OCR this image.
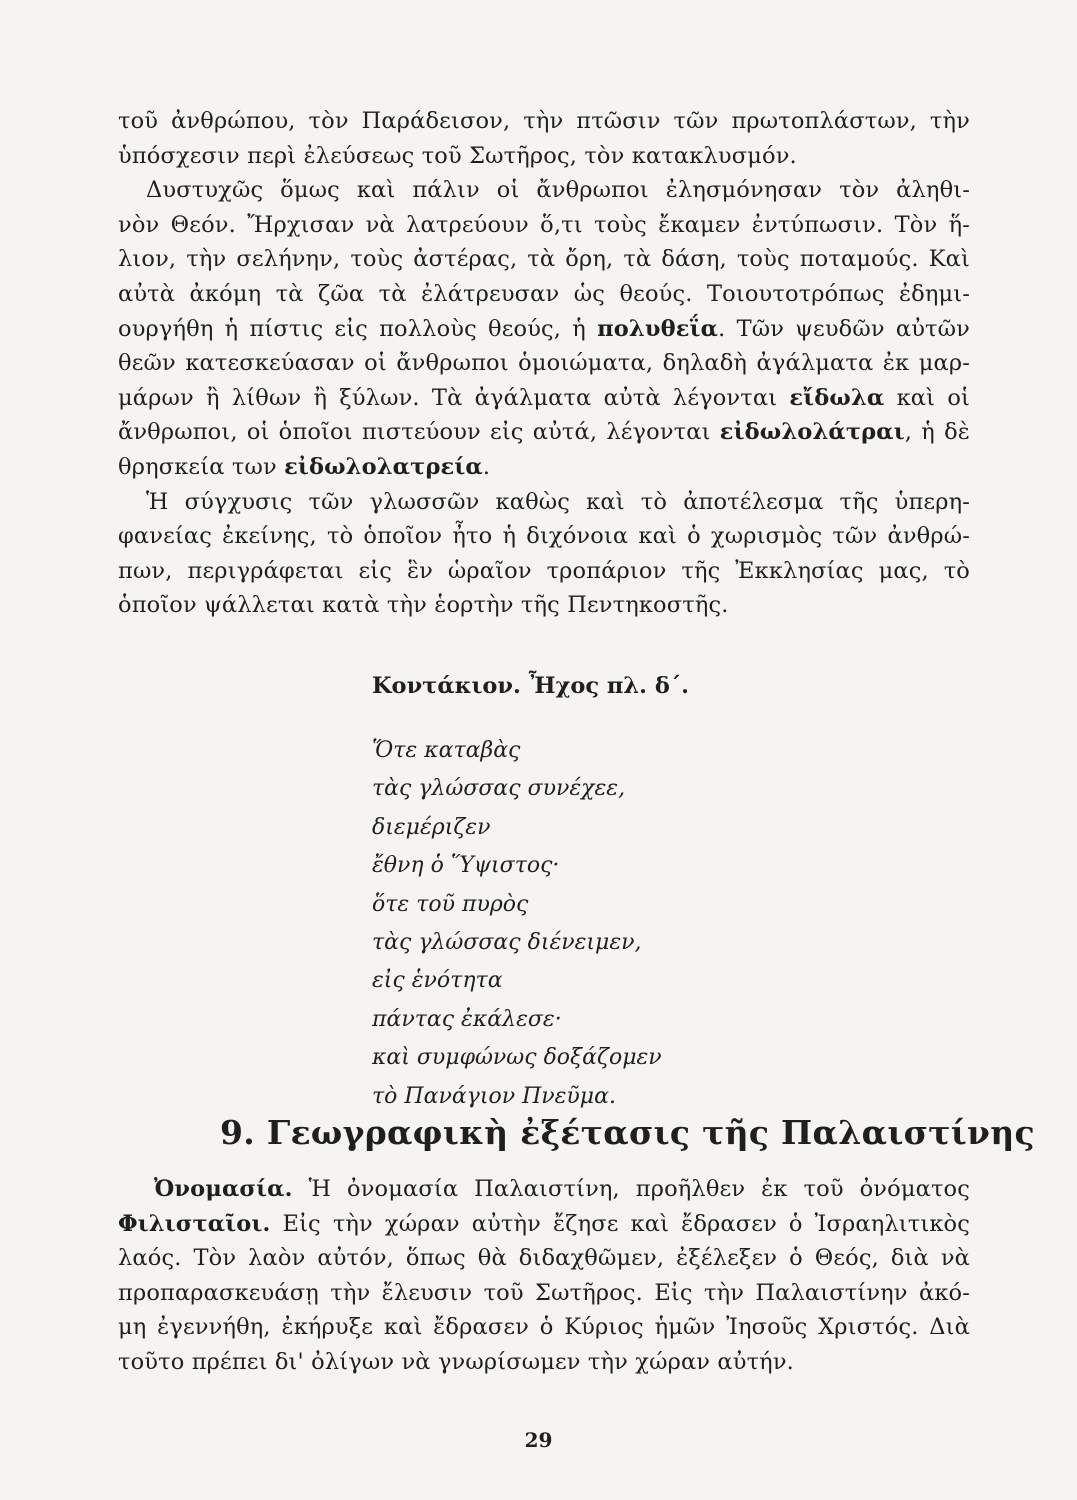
τοῦ ἀνθρώπου, τὸν Παράδεισον, τὴν πτῶσιν τῶν πρωτοπλάστων, τὴν
ὑπόσχεσιν περὶ ἐλεύσεως τοῦ Σωτῆρος, τὸν κατακλυσμόν.
Δυστυχῶς ὅμως καὶ πάλιν οἱ ἄνθρωποι ἐλησμόνησαν τὸν ἀληθι-
νὸν Θεόν. Ἤρχισαν νὰ λατρεύουν ὅ,τι τοὺς ἔκαμεν ἐντύπωσιν. Τὸν ἥ-
λιον, τὴν σελήνην, τοὺς ἀστέρας, τὰ ὄρη, τὰ δάση, τοὺς ποταμούς. Καὶ
αὐτὰ ἀκόμη τὰ ζῶα τὰ ἐλάτρευσαν ὡς θεούς. Τοιουτοτρόπως ἐδημι-
ουργήθη ἡ πίστις εἰς πολλοὺς θεούς, ἡ πολυθεΐα. Τῶν ψευδῶν αὐτῶν
θεῶν κατεσκεύασαν οἱ ἄνθρωποι ὁμοιώματα, δηλαδὴ ἀγάλματα ἐκ μαρ-
μάρων ἢ λίθων ἢ ξύλων. Τὰ ἀγάλματα αὐτὰ λέγονται εἴδωλα καὶ οἱ
ἄνθρωποι, οἱ ὁποῖοι πιστεύουν εἰς αὐτά, λέγονται εἰδωλολάτραι, ἡ δὲ
θρησκεία των εἰδωλολατρεία.
Ἡ σύγχυσις τῶν γλωσσῶν καθὼς καὶ τὸ ἀποτέλεσμα τῆς ὑπερη-
φανείας ἐκείνης, τὸ ὁποῖον ἦτο ἡ διχόνοια καὶ ὁ χωρισμὸς τῶν ἀνθρώ-
πων, περιγράφεται εἰς ἓν ὡραῖον τροπάριον τῆς Ἐκκλησίας μας, τὸ
ὁποῖον ψάλλεται κατὰ τὴν ἑορτὴν τῆς Πεντηκοστῆς.
Κοντάκιον. Ἦχος πλ. δ΄.
Ὅτε καταβὰς
τὰς γλώσσας συνέχεε,
διεμέριζεν
ἔθνη ὁ Ὕψιστος·
ὅτε τοῦ πυρὸς
τὰς γλώσσας διένειμεν,
εἰς ἑνότητα
πάντας ἐκάλεσε·
καὶ συμφώνως δοξάζομεν
τὸ Πανάγιον Πνεῦμα.
9. Γεωγραφικὴ ἐξέτασις τῆς Παλαιστίνης
Ὀνομασία. Ἡ ὀνομασία Παλαιστίνη, προῆλθεν ἐκ τοῦ ὀνόματος
Φιλισταῖοι. Εἰς τὴν χώραν αὐτὴν ἔζησε καὶ ἔδρασεν ὁ Ἰσραηλιτικὸς
λαός. Τὸν λαὸν αὐτόν, ὅπως θὰ διδαχθῶμεν, ἐξέλεξεν ὁ Θεός, διὰ νὰ
προπαρασκευάσῃ τὴν ἔλευσιν τοῦ Σωτῆρος. Εἰς τὴν Παλαιστίνην ἀκό-
μη ἐγεννήθη, ἐκήρυξε καὶ ἔδρασεν ὁ Κύριος ἡμῶν Ἰησοῦς Χριστός. Διὰ
τοῦτο πρέπει δι' ὀλίγων νὰ γνωρίσωμεν τὴν χώραν αὐτήν.
29
